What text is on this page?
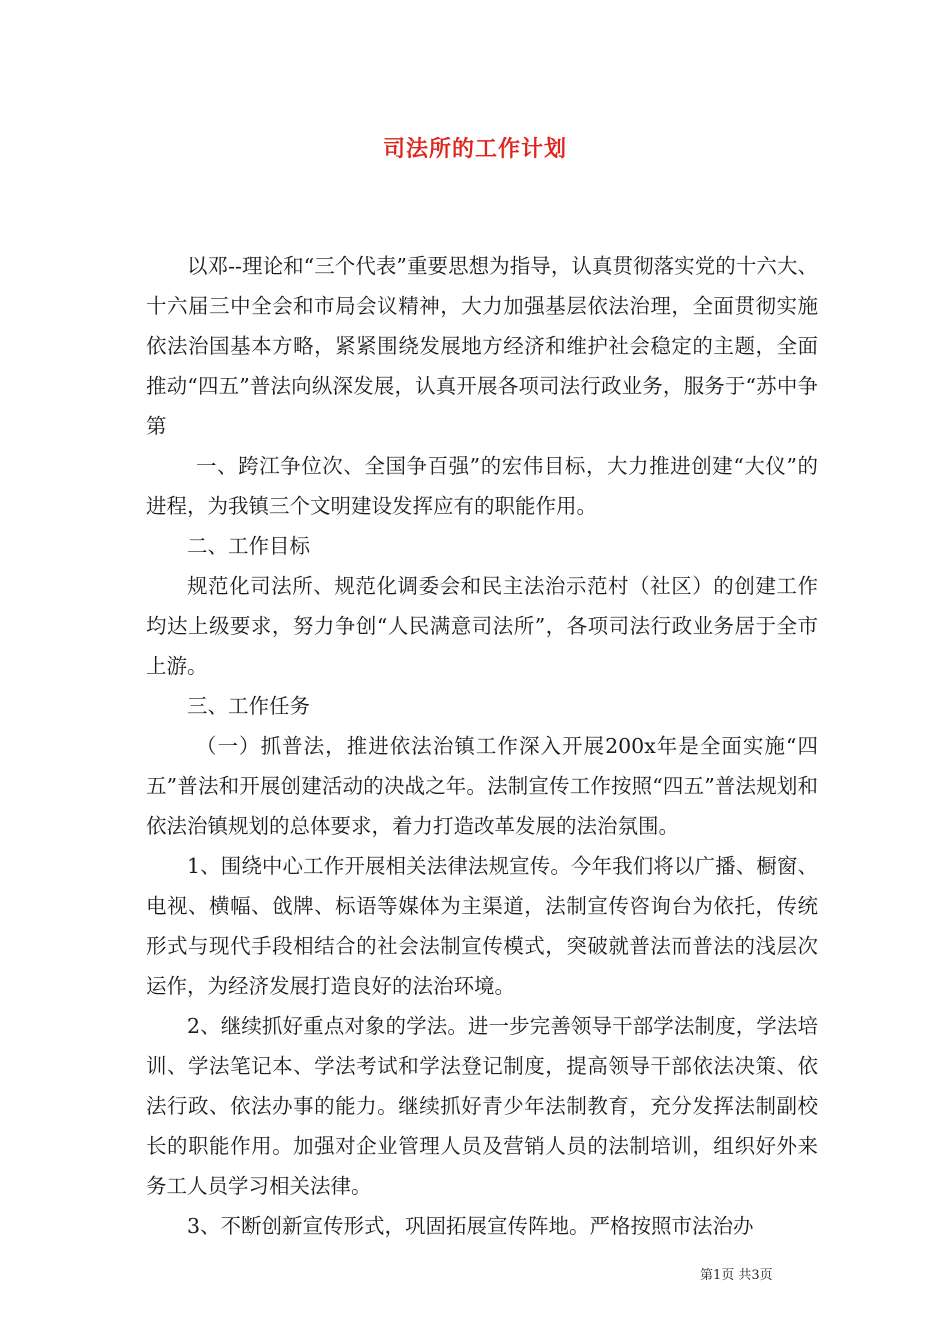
司法所的工作计划

以邓--理论和“三个代表”重要思想为指导，认真贯彻落实党的十六大、十六届三中全会和市局会议精神，大力加强基层依法治理，全面贯彻实施依法治国基本方略，紧紧围绕发展地方经济和维护社会稳定的主题，全面推动“四五”普法向纵深发展，认真开展各项司法行政业务，服务于“苏中争第

一、跨江争位次、全国争百强”的宏伟目标，大力推进创建“大仪”的进程，为我镇三个文明建设发挥应有的职能作用。

二、工作目标

规范化司法所、规范化调委会和民主法治示范村（社区）的创建工作均达上级要求，努力争创“人民满意司法所”，各项司法行政业务居于全市上游。

三、工作任务

（一）抓普法，推进依法治镇工作深入开展200x年是全面实施“四五”普法和开展创建活动的决战之年。法制宣传工作按照“四五”普法规划和依法治镇规划的总体要求，着力打造改革发展的法治氛围。

1、围绕中心工作开展相关法律法规宣传。今年我们将以广播、橱窗、电视、横幅、戗牌、标语等媒体为主渠道，法制宣传咨询台为依托，传统形式与现代手段相结合的社会法制宣传模式，突破就普法而普法的浅层次运作，为经济发展打造良好的法治环境。

2、继续抓好重点对象的学法。进一步完善领导干部学法制度，学法培训、学法笔记本、学法考试和学法登记制度，提高领导干部依法决策、依法行政、依法办事的能力。继续抓好青少年法制教育，充分发挥法制副校长的职能作用。加强对企业管理人员及营销人员的法制培训，组织好外来务工人员学习相关法律。

3、不断创新宣传形式，巩固拓展宣传阵地。严格按照市法治办

第1页 共3页
